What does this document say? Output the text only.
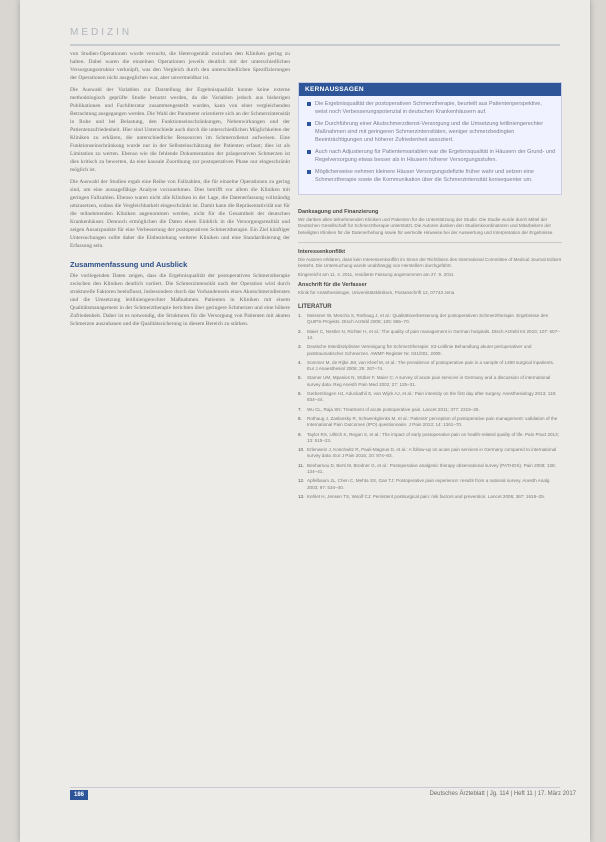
MEDIZIN

von Studien-Operationen wurde versucht, die Heterogenität zwischen den Kliniken gering zu halten. Dabei waren die einzelnen Operationen jeweils deutlich mit der unterschiedlichen Versorgungsstruktur verknüpft, was den Vergleich durch den unterschiedlichen Spezifizierungen der Operationen nicht ausgeglichen war, aber unvermeidbar ist.

Die Auswahl der Variablen zur Darstellung der Ergebnisqualität konnte keine externe methodologisch geprüfte Studie benutzt werden, da die Variablen jedoch aus bisherigen Publikationen und Fachliteratur zusammengestellt wurden, kann von einer vergleichenden Betrachtung ausgegangen werden. Die Wahl der Parameter orientierte sich an der Schmerzintensität in Ruhe und bei Belastung, den Funktionseinschränkungen, Nebenwirkungen und der Patientenzufriedenheit. Hier sind Unterschiede auch durch die unterschiedlichen Möglichkeiten der Kliniken zu erklären, die unterschiedliche Ressourcen im Schmerzdienst aufweisen. Eine Funktionseinschränkung wurde nur in der Selbsteinschätzung der Patienten erfasst; dies ist als Limitation zu werten. Ebenso wie die fehlende Dokumentation der präoperativen Schmerzen ist dies kritisch zu bewerten, da eine kausale Zuordnung zur postoperativen Phase nur eingeschränkt möglich ist.

Die Auswahl der Studien ergab eine Reihe von Fallzahlen, die für einzelne Operationen zu gering sind, um eine aussagefähige Analyse vorzunehmen. Dies betrifft vor allem die Kliniken mit geringen Fallzahlen. Ebenso waren nicht alle Kliniken in der Lage, die Datenerfassung vollständig umzusetzen, sodass die Vergleichbarkeit eingeschränkt ist. Damit kann die Repräsentativität nur für die teilnehmenden Kliniken angenommen werden, nicht für die Gesamtheit der deutschen Krankenhäuser. Dennoch ermöglichen die Daten einen Einblick in die Versorgungsrealität und zeigen Ansatzpunkte für eine Verbesserung der postoperativen Schmerztherapie. Ein Ziel künftiger Untersuchungen sollte daher die Einbeziehung weiterer Kliniken und eine Standardisierung der Erfassung sein.

Zusammenfassung und Ausblick

Die vorliegenden Daten zeigen, dass die Ergebnisqualität der postoperativen Schmerztherapie zwischen den Kliniken deutlich variiert. Die Schmerzintensität nach der Operation wird durch strukturelle Faktoren beeinflusst, insbesondere durch das Vorhandensein eines Akutschmerzdienstes und die Umsetzung leitliniengerechter Maßnahmen. Patienten in Kliniken mit einem Qualitätsmanagement in der Schmerztherapie berichten über geringere Schmerzen und eine höhere Zufriedenheit. Daher ist es notwendig, die Strukturen für die Versorgung von Patienten mit akuten Schmerzen auszubauen und die Qualitätssicherung in diesem Bereich zu stärken.

KERNAUSSAGEN
Die Ergebnisqualität der postoperativen Schmerztherapie, beurteilt aus Patientenperspektive, weist noch Verbesserungspotenzial in deutschen Krankenhäusern auf.
Die Durchführung einer Akutschmerzdienst-Versorgung und die Umsetzung leitliniengerechter Maßnahmen sind mit geringeren Schmerzintensitäten, weniger schmerzbedingten Beeinträchtigungen und höherer Zufriedenheit assoziiert.
Auch nach Adjustierung für Patientenvariablen war die Ergebnisqualität in Häusern der Grund- und Regelversorgung etwas besser als in Häusern höherer Versorgungsstufen.
Möglicherweise nehmen kleinere Häuser Versorgungsdefizite früher wahr und setzen eine Schmerztherapie sowie die Kommunikation über die Schmerzintensität konsequenter um.
Danksagung und Finanzierung

Wir danken allen teilnehmenden Kliniken und Patienten für die Unterstützung der Studie. Die Studie wurde durch Mittel der Deutschen Gesellschaft für Schmerztherapie unterstützt. Die Autoren danken den Studienkoordinatoren und Mitarbeitern der beteiligten Kliniken für die Datenerhebung sowie für wertvolle Hinweise bei der Auswertung und Interpretation der Ergebnisse.

Interessenkonflikt

Die Autoren erklären, dass kein Interessenkonflikt im Sinne der Richtlinien des International Committee of Medical Journal Editors besteht. Die Untersuchung wurde unabhängig von Herstellern durchgeführt.

Eingereicht am 11. 4. 2011, revidierte Fassung angenommen am 27. 9. 2011

Anschrift für die Verfasser

Klinik für Anästhesiologie, Universitätsklinikum, Postanschrift 12, 07743 Jena

LITERATUR
1. Meissner W, Mescha S, Rothaug J, et al.: Qualitätsverbesserung der postoperativen Schmerztherapie. Ergebnisse des QUIPS-Projekts. Dtsch Arztebl 2008; 105: 865–70.
2. Maier C, Nestler N, Richter H, et al.: The quality of pain management in German hospitals. Dtsch Arztebl Int 2010; 107: 607–14.
3. Deutsche Interdisziplinäre Vereinigung für Schmerztherapie: S3-Leitlinie Behandlung akuter perioperativer und posttraumatischer Schmerzen. AWMF-Register Nr. 041/001, 2009.
4. Sommer M, de Rijke JM, van Kleef M, et al.: The prevalence of postoperative pain in a sample of 1490 surgical inpatients. Eur J Anaesthesiol 2008; 25: 267–74.
5. Stamer UM, Mpasios N, Stüber F, Maier C: A survey of acute pain services in Germany and a discussion of international survey data. Reg Anesth Pain Med 2002; 27: 125–31.
6. Gerbershagen HJ, Aduckathil S, van Wijck AJ, et al.: Pain intensity on the first day after surgery. Anesthesiology 2013; 118: 934–44.
7. Wu CL, Raja SN: Treatment of acute postoperative pain. Lancet 2011; 377: 2215–25.
8. Rothaug J, Zaslansky R, Schwenkglenks M, et al.: Patients' perception of postoperative pain management: validation of the International Pain Outcomes (IPO) questionnaire. J Pain 2013; 14: 1361–70.
9. Taylor RS, Ullrich K, Regan S, et al.: The impact of early postoperative pain on health-related quality of life. Pain Pract 2013; 13: 515–23.
10. Erlenwein J, Koschwitz R, Pauli-Magnus D, et al.: A follow-up on acute pain services in Germany compared to international survey data. Eur J Pain 2016; 20: 874–83.
11. Benhamou D, Berti M, Brodner G, et al.: Postoperative analgesic therapy observational survey (PATHOS). Pain 2008; 136: 134–41.
12. Apfelbaum JL, Chen C, Mehta SS, Gan TJ: Postoperative pain experience: results from a national survey. Anesth Analg 2003; 97: 534–40.
13. Kehlet H, Jensen TS, Woolf CJ: Persistent postsurgical pain: risk factors and prevention. Lancet 2006; 367: 1618–25.
186	Deutsches Ärzteblatt | Jg. 114 | Heft 11 | 17. März 2017
